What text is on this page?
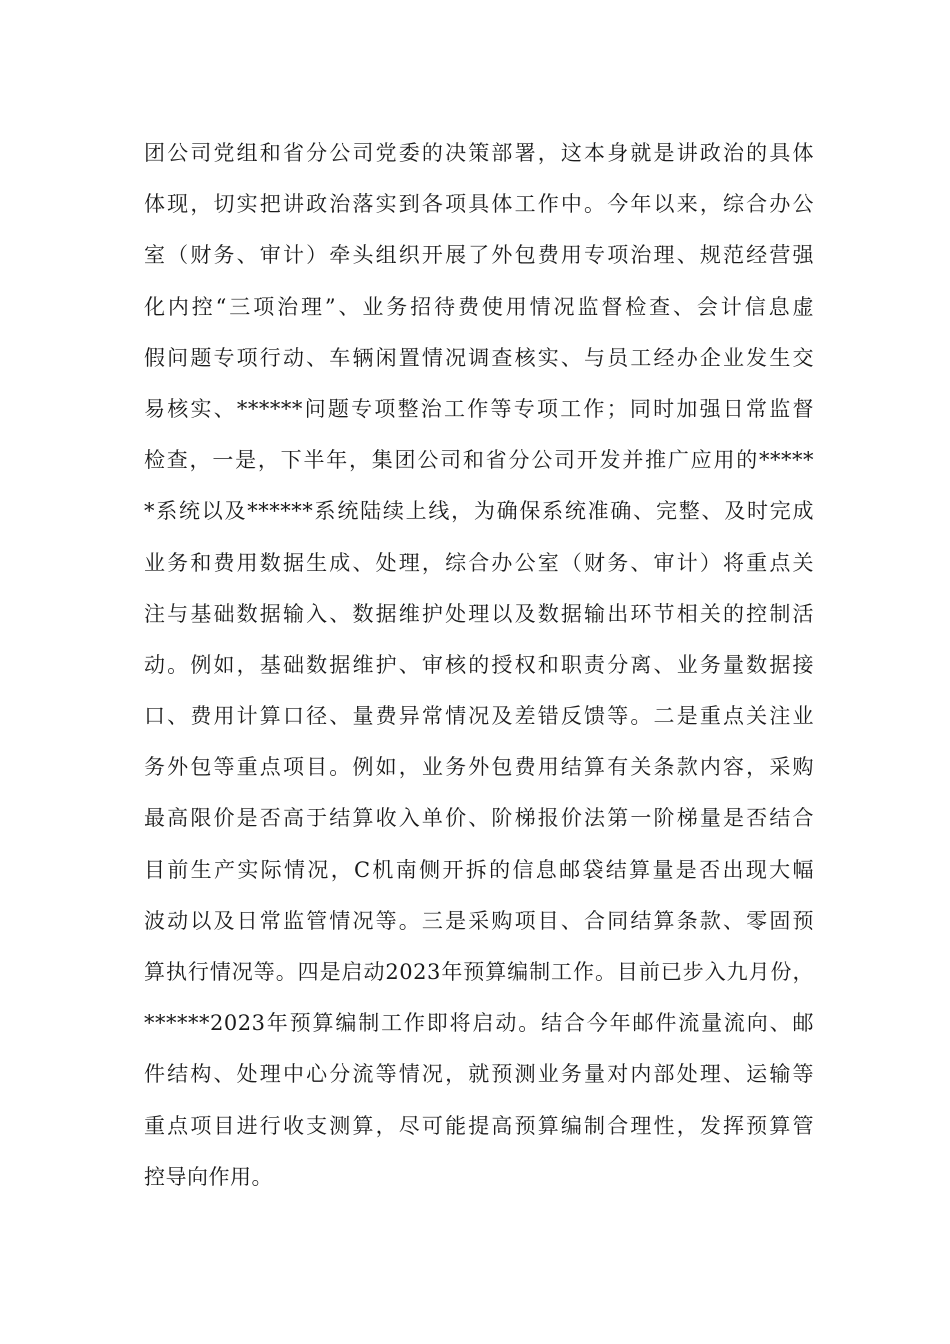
团公司党组和省分公司党委的决策部署，这本身就是讲政治的具体
体现，切实把讲政治落实到各项具体工作中。今年以来，综合办公
室（财务、审计）牵头组织开展了外包费用专项治理、规范经营强
化内控“三项治理”、业务招待费使用情况监督检查、会计信息虚
假问题专项行动、车辆闲置情况调查核实、与员工经办企业发生交
易核实、******问题专项整治工作等专项工作；同时加强日常监督
检查，一是，下半年，集团公司和省分公司开发并推广应用的*****
*系统以及******系统陆续上线，为确保系统准确、完整、及时完成
业务和费用数据生成、处理，综合办公室（财务、审计）将重点关
注与基础数据输入、数据维护处理以及数据输出环节相关的控制活
动。例如，基础数据维护、审核的授权和职责分离、业务量数据接
口、费用计算口径、量费异常情况及差错反馈等。二是重点关注业
务外包等重点项目。例如，业务外包费用结算有关条款内容，采购
最高限价是否高于结算收入单价、阶梯报价法第一阶梯量是否结合
目前生产实际情况，C机南侧开拆的信息邮袋结算量是否出现大幅
波动以及日常监管情况等。三是采购项目、合同结算条款、零固预
算执行情况等。四是启动2023年预算编制工作。目前已步入九月份，
******2023年预算编制工作即将启动。结合今年邮件流量流向、邮
件结构、处理中心分流等情况，就预测业务量对内部处理、运输等
重点项目进行收支测算，尽可能提高预算编制合理性，发挥预算管
控导向作用。
